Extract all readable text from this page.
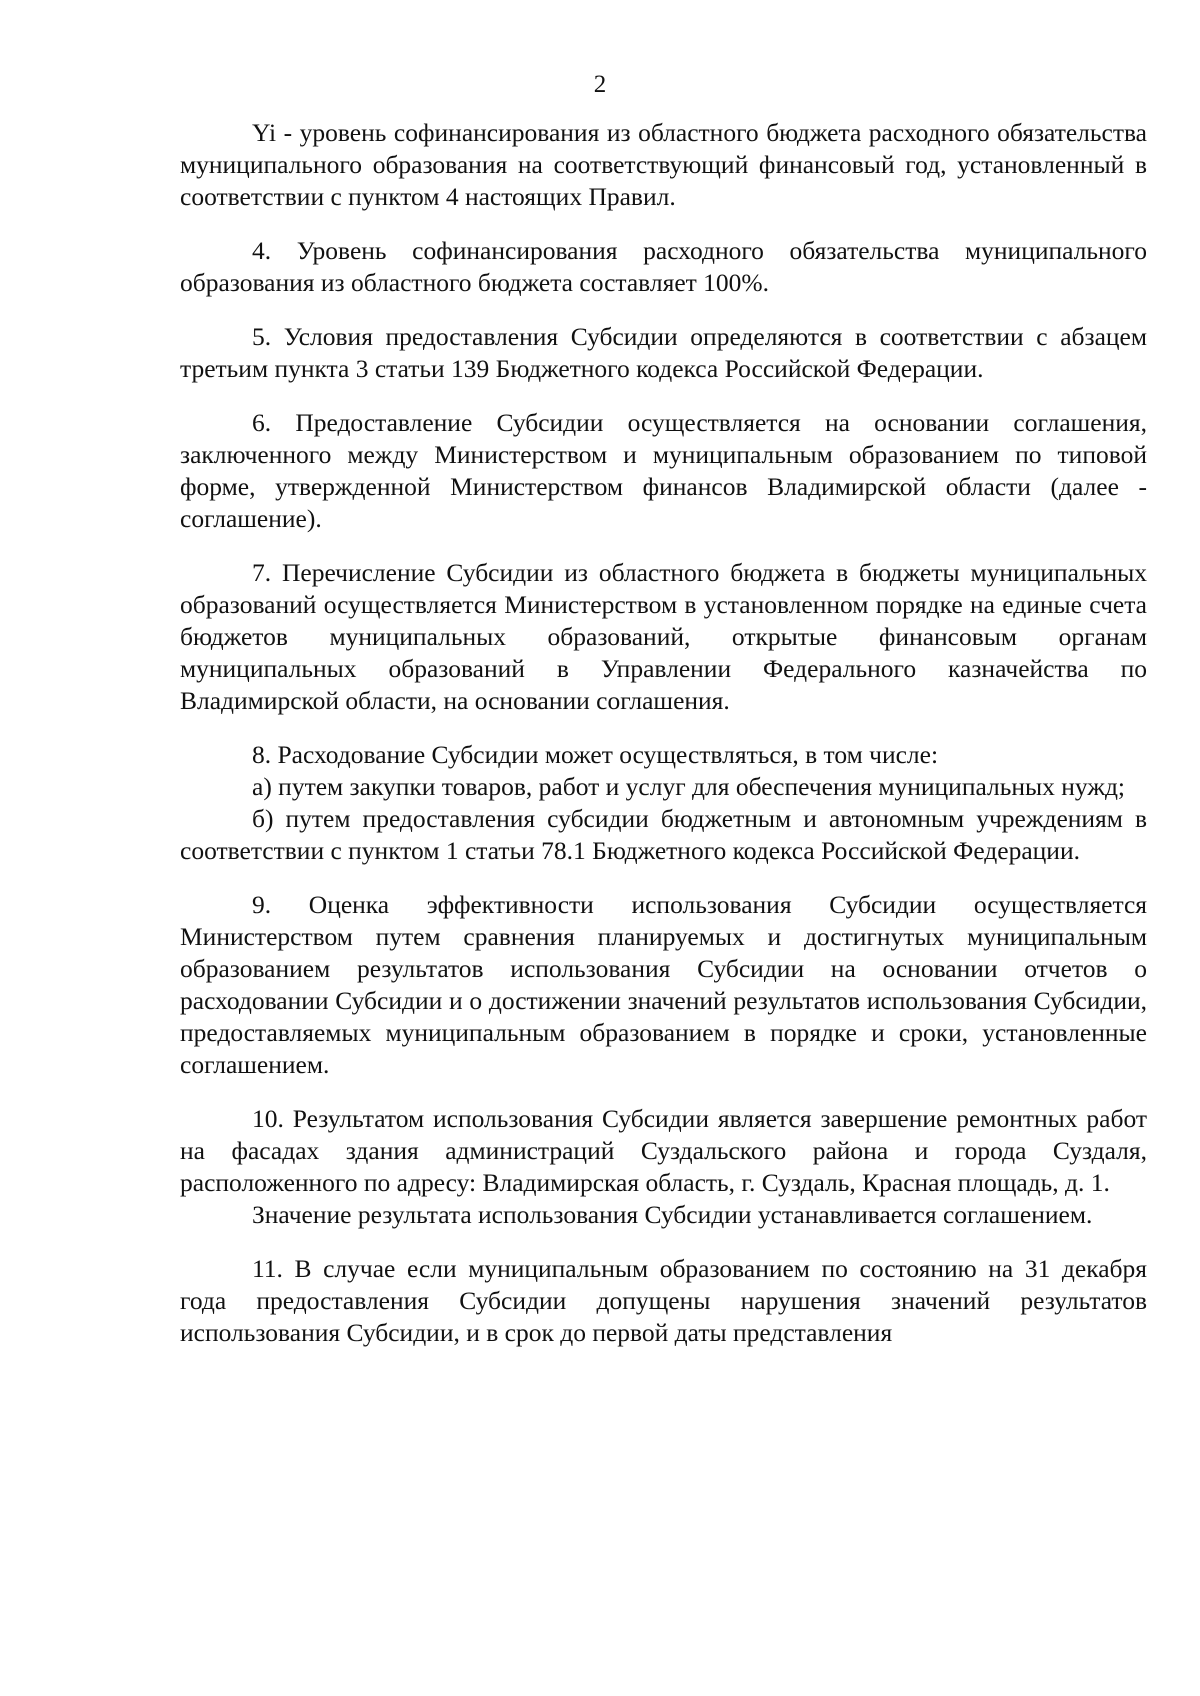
2

Yi - уровень софинансирования из областного бюджета расходного обязательства муниципального образования на соответствующий финансовый год, установленный в соответствии с пунктом 4 настоящих Правил.

4. Уровень софинансирования расходного обязательства муниципального образования из областного бюджета составляет 100%.

5. Условия предоставления Субсидии определяются в соответствии с абзацем третьим пункта 3 статьи 139 Бюджетного кодекса Российской Федерации.

6. Предоставление Субсидии осуществляется на основании соглашения, заключенного между Министерством и муниципальным образованием по типовой форме, утвержденной Министерством финансов Владимирской области (далее - соглашение).

7. Перечисление Субсидии из областного бюджета в бюджеты муниципальных образований осуществляется Министерством в установленном порядке на единые счета бюджетов муниципальных образований, открытые финансовым органам муниципальных образований в Управлении Федерального казначейства по Владимирской области, на основании соглашения.

8. Расходование Субсидии может осуществляться, в том числе:

а) путем закупки товаров, работ и услуг для обеспечения муниципальных нужд;

б) путем предоставления субсидии бюджетным и автономным учреждениям в соответствии с пунктом 1 статьи 78.1 Бюджетного кодекса Российской Федерации.

9. Оценка эффективности использования Субсидии осуществляется Министерством путем сравнения планируемых и достигнутых муниципальным образованием результатов использования Субсидии на основании отчетов о расходовании Субсидии и о достижении значений результатов использования Субсидии, предоставляемых муниципальным образованием в порядке и сроки, установленные соглашением.

10. Результатом использования Субсидии является завершение ремонтных работ на фасадах здания администраций Суздальского района и города Суздаля, расположенного по адресу: Владимирская область, г. Суздаль, Красная площадь, д. 1.

Значение результата использования Субсидии устанавливается соглашением.

11. В случае если муниципальным образованием по состоянию на 31 декабря года предоставления Субсидии допущены нарушения значений результатов использования Субсидии, и в срок до первой даты представления
